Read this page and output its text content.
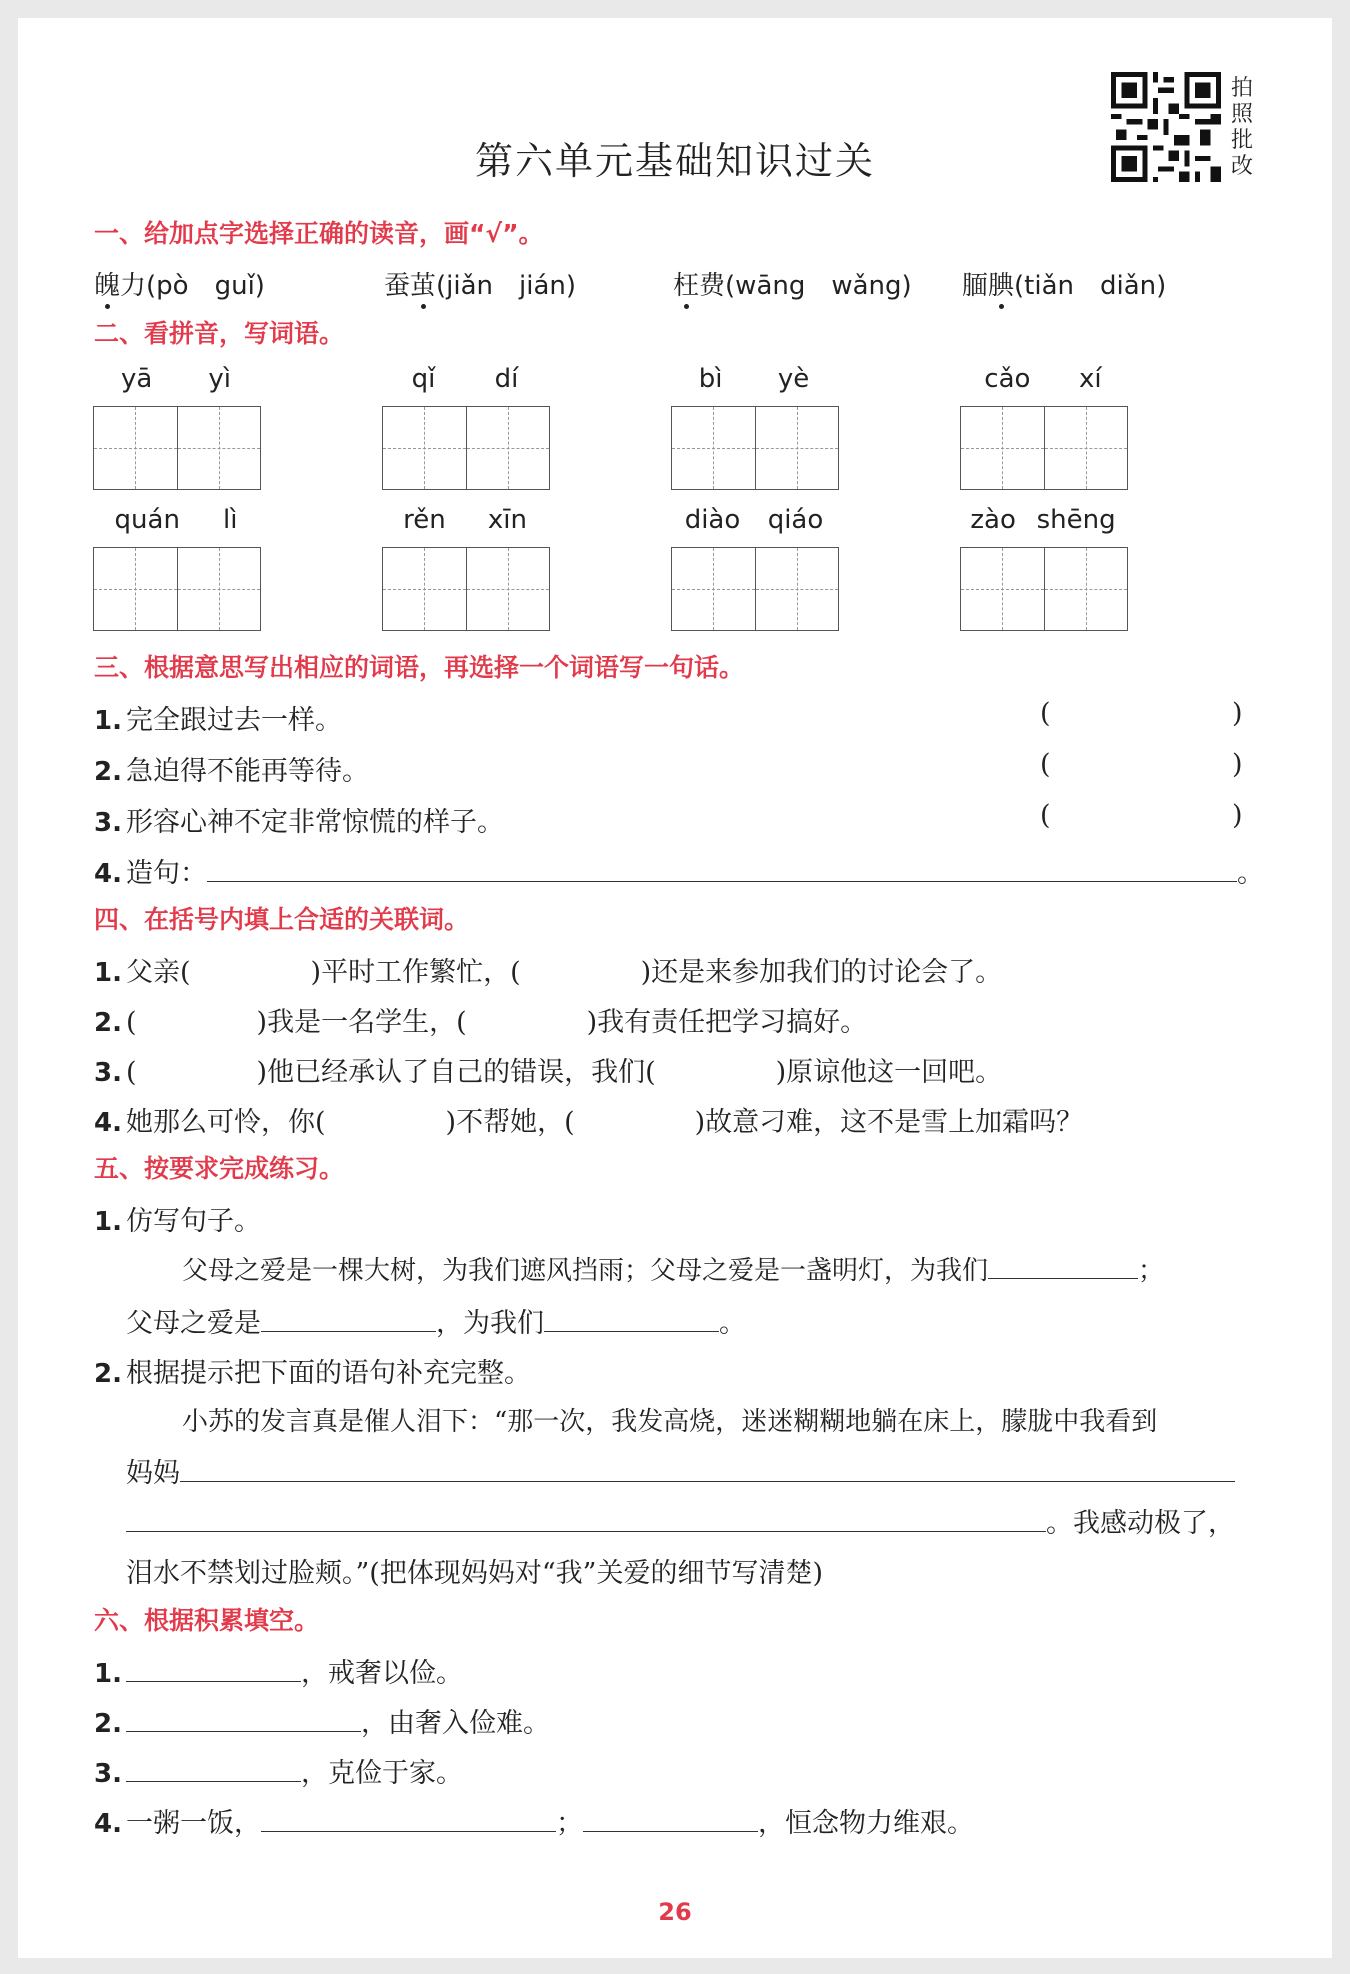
拍
照
批
改
第六单元基础知识过关
一、给加点字选择正确的读音，画“√”。
魄力(pò　guǐ)	蚕茧(jiǎn　jián)	枉费(wāng　wǎng) 腼腆(tiǎn　diǎn)
二、看拼音，写词语。
yā yì	qǐ dí	bì yè	cǎo xí
quán lì	rěn xīn	diào qiáo	zào shēng
三、根据意思写出相应的词语，再选择一个词语写一句话。
1. 完全跟过去一样。
2. 急迫得不能再等待。
3. 形容心神不定非常惊慌的样子。
(	)
(	)
(	)
4. 造句：	。
四、在括号内填上合适的关联词。
1. 父亲(	)平时工作繁忙，(	)还是来参加我们的讨论会了。
2. (	)我是一名学生，(	)我有责任把学习搞好。
3. (	)他已经承认了自己的错误，我们(	)原谅他这一回吧。
4. 她那么可怜，你(	)不帮她，(	)故意刁难，这不是雪上加霜吗？
五、按要求完成练习。
1. 仿写句子。
父母之爱是一棵大树，为我们遮风挡雨；父母之爱是一盏明灯，为我们	；
父母之爱是	，为我们	。
2. 根据提示把下面的语句补充完整。
小苏的发言真是催人泪下：“那一次，我发高烧，迷迷糊糊地躺在床上，朦胧中我看到
妈妈
。我感动极了，
泪水不禁划过脸颊。”(把体现妈妈对“我”关爱的细节写清楚)
六、根据积累填空。
1.	，戒奢以俭。
2.	，由奢入俭难。
3.	，克俭于家。
4. 一粥一饭，	；	，恒念物力维艰。
26
